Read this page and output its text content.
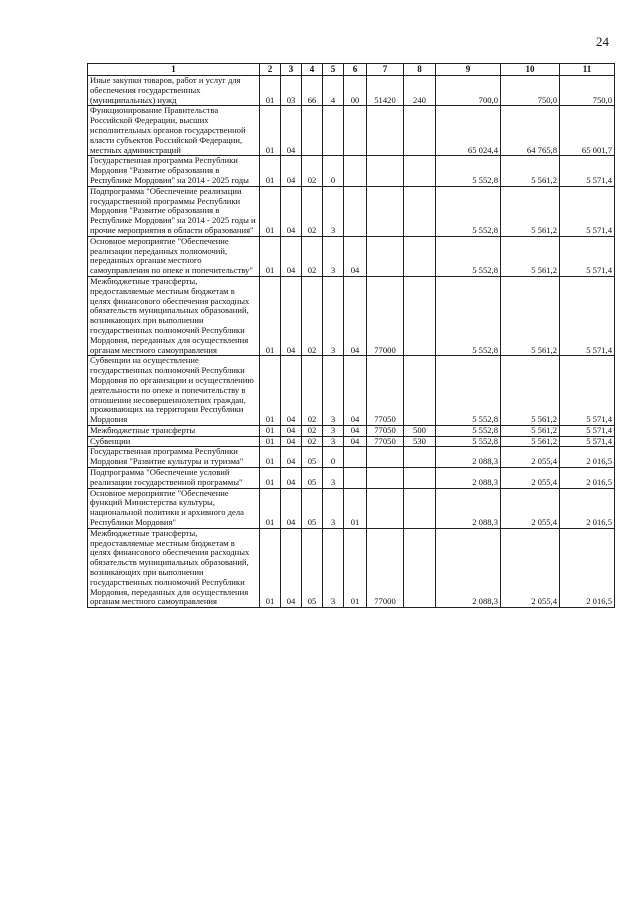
24
1	2	3	4	5	6	7	8	9	10	11
Иные закупки товаров, работ и услуг для обеспечения государственных (муниципальных) нужд	01	03	66	4	00	51420	240	700,0	750,0	750,0
Функционирование Правительства Российской Федерации, высших исполнительных органов государственной власти субъектов Российской Федерации, местных администраций	01	04						65 024,4	64 765,8	65 001,7
Государственная программа Республики Мордовия "Развитие образования в Республике Мордовия" на 2014 - 2025 годы	01	04	02	0				5 552,8	5 561,2	5 571,4
Подпрограмма "Обеспечение реализации государственной программы Республики Мордовия "Развитие образования в Республике Мордовия" на 2014 - 2025 годы и прочие мероприятия в области образования"	01	04	02	3				5 552,8	5 561,2	5 571,4
Основное мероприятие "Обеспечение реализации переданных полномочий, переданных органам местного самоуправления по опеке и попечительству"	01	04	02	3	04			5 552,8	5 561,2	5 571,4
Межбюджетные трансферты, предоставляемые местным бюджетам в целях финансового обеспечения расходных обязательств муниципальных образований, возникающих при выполнении государственных полномочий Республики Мордовия, переданных для осуществления органам местного самоуправления	01	04	02	3	04	77000		5 552,8	5 561,2	5 571,4
Субвенции на осуществление государственных полномочий Республики Мордовия по организации и осуществлению деятельности по опеке и попечительству в отношении несовершеннолетних граждан, проживающих на территории Республики Мордовия	01	04	02	3	04	77050		5 552,8	5 561,2	5 571,4
Межбюджетные трансферты	01	04	02	3	04	77050	500	5 552,8	5 561,2	5 571,4
Субвенции	01	04	02	3	04	77050	530	5 552,8	5 561,2	5 571,4
Государственная программа Республики Мордовия "Развитие культуры и туризма"	01	04	05	0				2 088,3	2 055,4	2 016,5
Подпрограмма "Обеспечение условий реализации государственной программы"	01	04	05	3				2 088,3	2 055,4	2 016,5
Основное мероприятие "Обеспечение функций Министерства культуры, национальной политики и архивного дела Республики Мордовия"	01	04	05	3	01			2 088,3	2 055,4	2 016,5
Межбюджетные трансферты, предоставляемые местным бюджетам в целях финансового обеспечения расходных обязательств муниципальных образований, возникающих при выполнении государственных полномочий Республики Мордовия, переданных для осуществления органам местного самоуправления	01	04	05	3	01	77000		2 088,3	2 055,4	2 016,5
